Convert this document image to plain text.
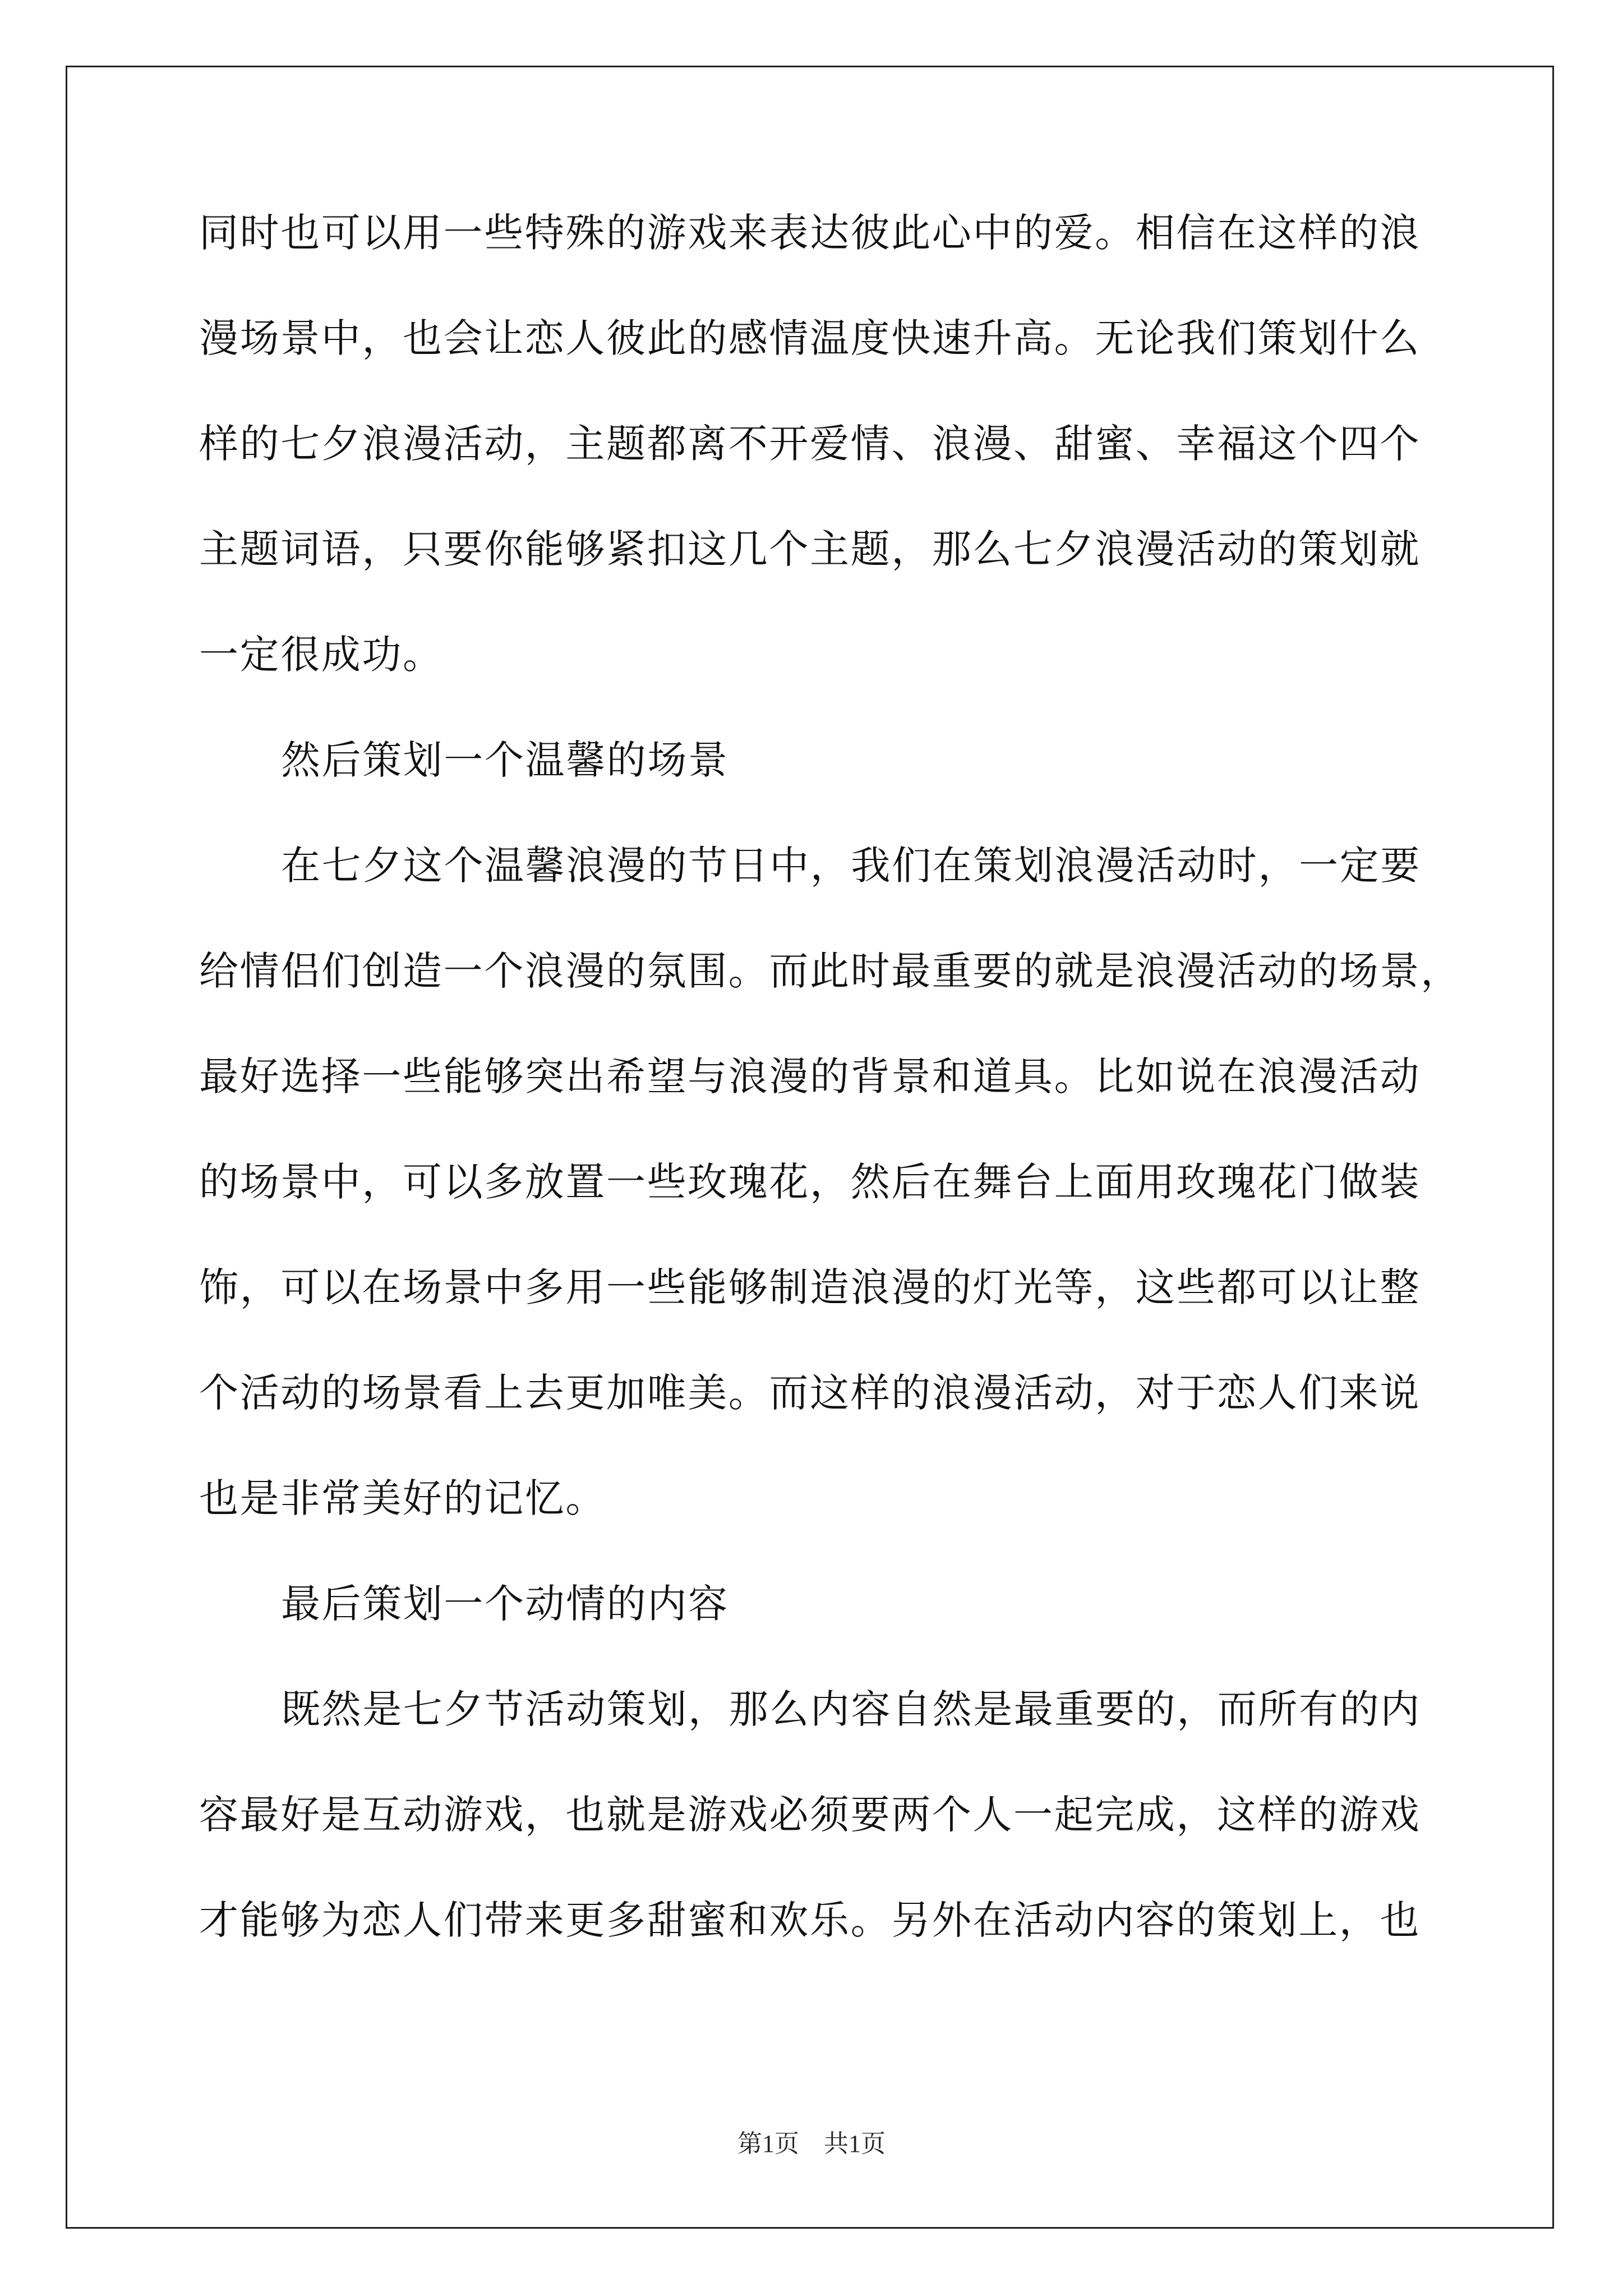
同时也可以用一些特殊的游戏来表达彼此心中的爱。相信在这样的浪
漫场景中，也会让恋人彼此的感情温度快速升高。无论我们策划什么
样的七夕浪漫活动，主题都离不开爱情、浪漫、甜蜜、幸福这个四个
主题词语，只要你能够紧扣这几个主题，那么七夕浪漫活动的策划就
一定很成功。
然后策划一个温馨的场景
在七夕这个温馨浪漫的节日中，我们在策划浪漫活动时，一定要
给情侣们创造一个浪漫的氛围。而此时最重要的就是浪漫活动的场景，
最好选择一些能够突出希望与浪漫的背景和道具。比如说在浪漫活动
的场景中，可以多放置一些玫瑰花，然后在舞台上面用玫瑰花门做装
饰，可以在场景中多用一些能够制造浪漫的灯光等，这些都可以让整
个活动的场景看上去更加唯美。而这样的浪漫活动，对于恋人们来说
也是非常美好的记忆。
最后策划一个动情的内容
既然是七夕节活动策划，那么内容自然是最重要的，而所有的内
容最好是互动游戏，也就是游戏必须要两个人一起完成，这样的游戏
才能够为恋人们带来更多甜蜜和欢乐。另外在活动内容的策划上，也
第1页　共1页
